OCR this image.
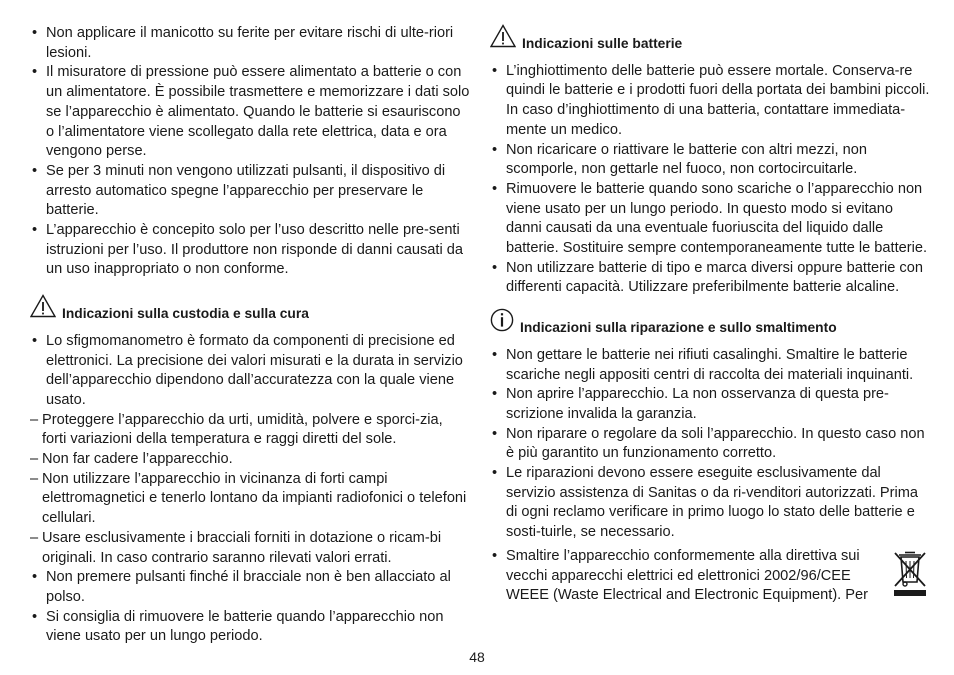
• Non applicare il manicotto su ferite per evitare rischi di ulte-riori lesioni.
• Il misuratore di pressione può essere alimentato a batterie o con un alimentatore. È possibile trasmettere e memorizzare i dati solo se l’apparecchio è alimentato. Quando le batterie si esauriscono o l’alimentatore viene scollegato dalla rete elettrica, data e ora vengono perse.
• Se per 3 minuti non vengono utilizzati pulsanti, il dispositivo di arresto automatico spegne l’apparecchio per preservare le batterie.
• L’apparecchio è concepito solo per l’uso descritto nelle pre-senti istruzioni per l’uso. Il produttore non risponde di danni causati da un uso inappropriato o non conforme.
Indicazioni sulla custodia e sulla cura
• Lo sfigmomanometro è formato da componenti di precisione ed elettronici. La precisione dei valori misurati e la durata in servizio dell’apparecchio dipendono dall’accuratezza con la quale viene usato.
– Proteggere l’apparecchio da urti, umidità, polvere e sporci-zia, forti variazioni della temperatura e raggi diretti del sole.
– Non far cadere l’apparecchio.
– Non utilizzare l’apparecchio in vicinanza di forti campi elettromagnetici e tenerlo lontano da impianti radiofonici o telefoni cellulari.
– Usare esclusivamente i bracciali forniti in dotazione o ricam-bi originali. In caso contrario saranno rilevati valori errati.
• Non premere pulsanti finché il bracciale non è ben allacciato al polso.
• Si consiglia di rimuovere le batterie quando l’apparecchio non viene usato per un lungo periodo.
Indicazioni sulle batterie
• L’inghiottimento delle batterie può essere mortale. Conserva-re quindi le batterie e i prodotti fuori della portata dei bambini piccoli. In caso d’inghiottimento di una batteria, contattare immediata-mente un medico.
• Non ricaricare o riattivare le batterie con altri mezzi, non scomporle, non gettarle nel fuoco, non cortocircuitarle.
• Rimuovere le batterie quando sono scariche o l’apparecchio non viene usato per un lungo periodo. In questo modo si evitano danni causati da una eventuale fuoriuscita del liquido dalle batterie. Sostituire sempre contemporaneamente tutte le batterie.
• Non utilizzare batterie di tipo e marca diversi oppure batterie con differenti capacità. Utilizzare preferibilmente batterie alcaline.
Indicazioni sulla riparazione e sullo smaltimento
• Non gettare le batterie nei rifiuti casalinghi. Smaltire le batterie scariche negli appositi centri di raccolta dei materiali inquinanti.
• Non aprire l’apparecchio. La non osservanza di questa pre-scrizione invalida la garanzia.
• Non riparare o regolare da soli l’apparecchio. In questo caso non è più garantito un funzionamento corretto.
• Le riparazioni devono essere eseguite esclusivamente dal servizio assistenza di Sanitas o da ri-venditori autorizzati. Prima di ogni reclamo verificare in primo luogo lo stato delle batterie e sosti-tuirle, se necessario.
• Smaltire l’apparecchio conformemente alla direttiva sui vecchi apparecchi elettrici ed elettronici 2002/96/CEE WEEE (Waste Electrical and Electronic Equipment). Per
48
